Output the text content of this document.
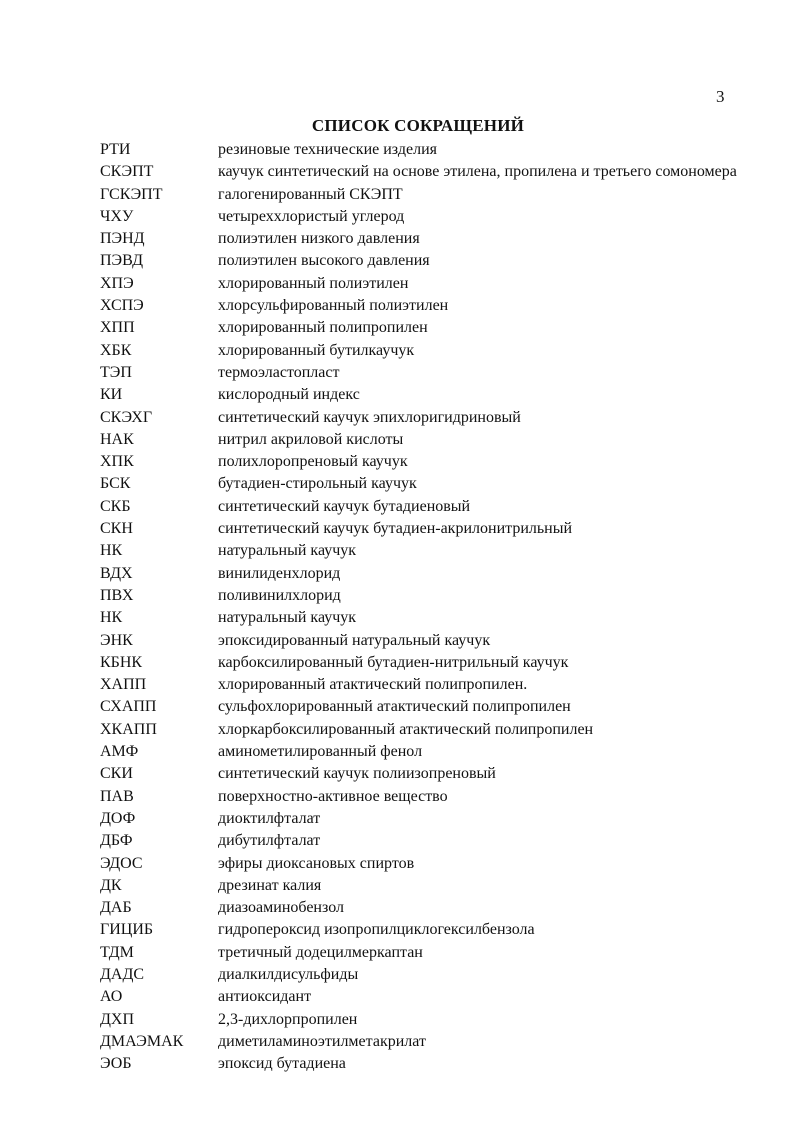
3
СПИСОК СОКРАЩЕНИЙ
РТИ	резиновые технические изделия
СКЭПТ	каучук синтетический на основе этилена, пропилена и третьего сомономера
ГСКЭПТ	галогенированный СКЭПТ
ЧХУ	четыреххлористый углерод
ПЭНД	полиэтилен низкого давления
ПЭВД	полиэтилен высокого давления
ХПЭ	хлорированный полиэтилен
ХСПЭ	хлорсульфированный полиэтилен
ХПП	хлорированный полипропилен
ХБК	хлорированный бутилкаучук
ТЭП	термоэластопласт
КИ	кислородный индекс
СКЭХГ	синтетический каучук эпихлоригидриновый
НАК	нитрил акриловой кислоты
ХПК	полихлоропреновый каучук
БСК	бутадиен-стирольный каучук
СКБ	синтетический каучук бутадиеновый
СКН	синтетический каучук бутадиен-акрилонитрильный
НК	натуральный каучук
ВДХ	винилиденхлорид
ПВХ	поливинилхлорид
НК	натуральный каучук
ЭНК	эпоксидированный натуральный каучук
КБНК	карбоксилированный бутадиен-нитрильный каучук
ХАПП	хлорированный атактический полипропилен.
СХАПП	сульфохлорированный атактический полипропилен
ХКАПП	хлоркарбоксилированный атактический полипропилен
АМФ	аминометилированный фенол
СКИ	синтетический каучук полиизопреновый
ПАВ	поверхностно-активное вещество
ДОФ	диоктилфталат
ДБФ	дибутилфталат
ЭДОС	эфиры диоксановых спиртов
ДК	дрезинат калия
ДАБ	диазоаминобензол
ГИЦИБ	гидропероксид изопропилциклогексилбензола
ТДМ	третичный додецилмеркаптан
ДАДС	диалкилдисульфиды
АО	антиоксидант
ДХП	2,3-дихлорпропилен
ДМАЭМАК	диметиламиноэтилметакрилат
ЭОБ	эпоксид бутадиена
